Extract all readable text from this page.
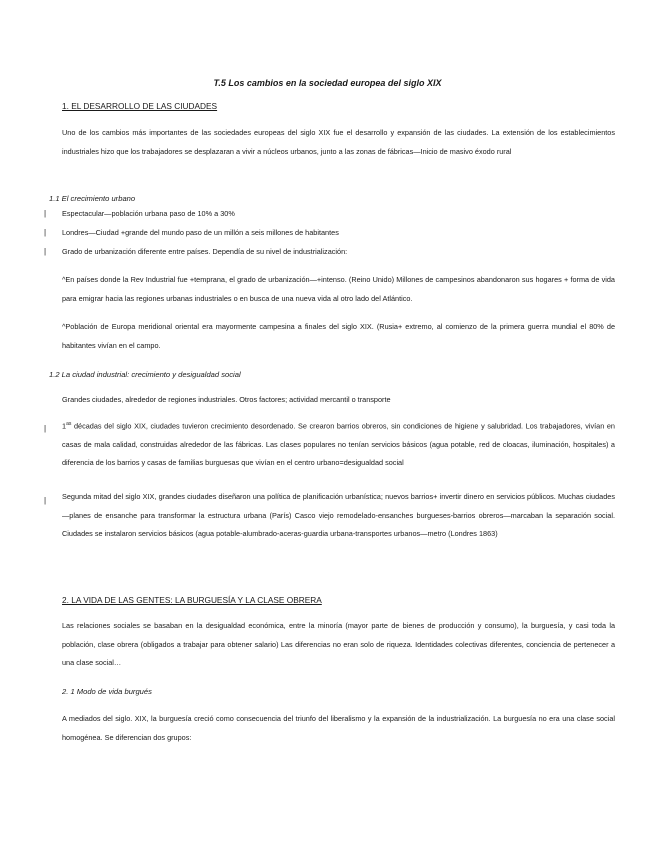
T.5 Los cambios en la sociedad europea del siglo XIX
1. EL DESARROLLO DE LAS CIUDADES
Uno de los cambios más importantes de las sociedades europeas del siglo XIX fue el desarrollo y expansión de las ciudades. La extensión de los establecimientos industriales hizo que los trabajadores se desplazaran a vivir a núcleos urbanos, junto a las zonas de fábricas—Inicio de masivo éxodo rural
1.1 El crecimiento urbano
| Espectacular—población urbana paso de 10% a 30%
| Londres—Ciudad +grande del mundo paso de un millón a seis millones de habitantes
| Grado de urbanización diferente entre países. Dependía de su nivel de industrialización:
^En países donde la Rev Industrial fue +temprana, el grado de urbanización—+intenso. (Reino Unido) Millones de campesinos abandonaron sus hogares + forma de vida para emigrar hacia las regiones urbanas industriales o en busca de una nueva vida al otro lado del Atlántico.
^Población de Europa meridional oriental era mayormente campesina a finales del siglo XIX. (Rusia+ extremo, al comienzo de la primera guerra mundial el 80% de habitantes vivían en el campo.
1.2 La ciudad industrial: crecimiento y desigualdad social
Grandes ciudades, alrededor de regiones industriales. Otros factores; actividad mercantil o transporte
| $1^{as}$ décadas del siglo XIX, ciudades tuvieron crecimiento desordenado. Se crearon barrios obreros, sin condiciones de higiene y salubridad. Los trabajadores, vivían en casas de mala calidad, construidas alrededor de las fábricas. Las clases populares no tenían servicios básicos (agua potable, red de cloacas, iluminación, hospitales) a diferencia de los barrios y casas de familias burguesas que vivían en el centro urbano=desigualdad social
| Segunda mitad del siglo XIX, grandes ciudades diseñaron una política de planificación urbanística; nuevos barrios+ invertir dinero en servicios públicos. Muchas ciudades—planes de ensanche para transformar la estructura urbana (París) Casco viejo remodelado-ensanches burgueses-barrios obreros—marcaban la separación social. Ciudades se instalaron servicios básicos (agua potable-alumbrado-aceras-guardia urbana-transportes urbanos—metro (Londres 1863)
2. LA VIDA DE LAS GENTES: LA BURGUESÍA Y LA CLASE OBRERA
Las relaciones sociales se basaban en la desigualdad económica, entre la minoría (mayor parte de bienes de producción y consumo), la burguesía, y casi toda la población, clase obrera (obligados a trabajar para obtener salario) Las diferencias no eran solo de riqueza. Identidades colectivas diferentes, conciencia de pertenecer a una clase social…
2. 1 Modo de vida burgués
A mediados del siglo. XIX, la burguesía creció como consecuencia del triunfo del liberalismo y la expansión de la industrialización. La burguesía no era una clase social homogénea. Se diferencian dos grupos:
